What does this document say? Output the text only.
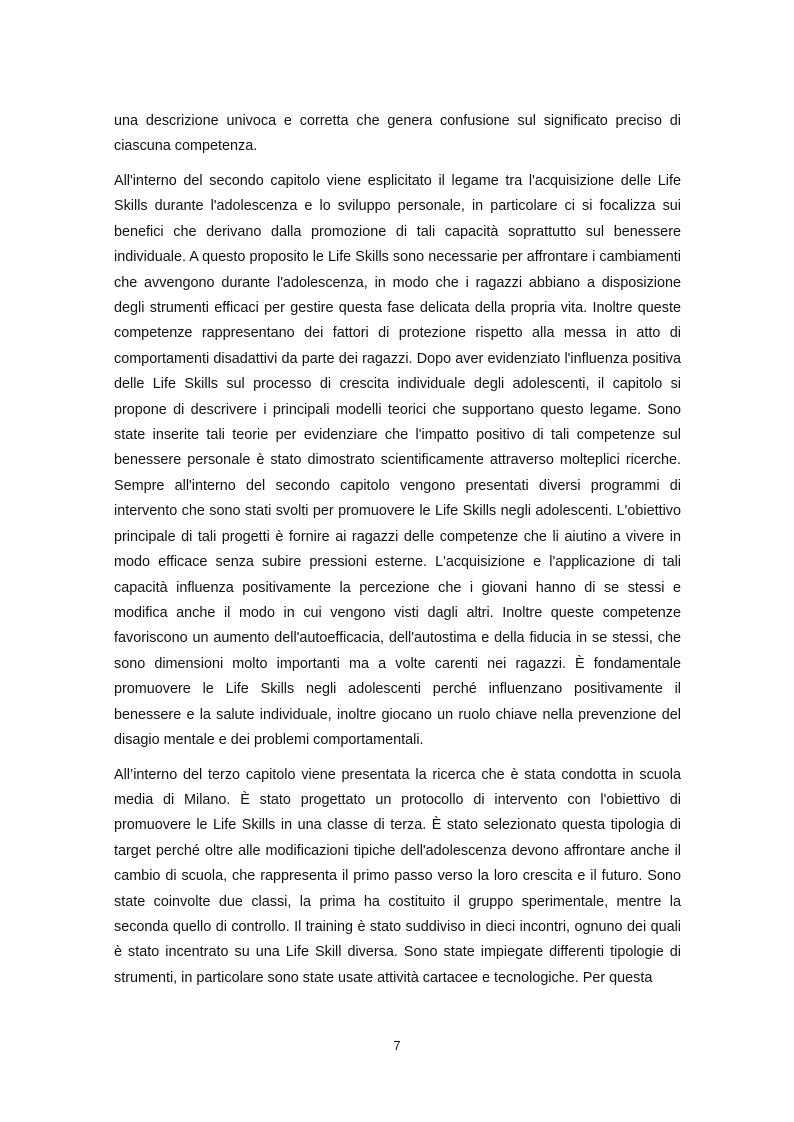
una descrizione univoca e corretta che genera confusione sul significato preciso di ciascuna competenza.

All'interno del secondo capitolo viene esplicitato il legame tra l'acquisizione delle Life Skills durante l'adolescenza e lo sviluppo personale, in particolare ci si focalizza sui benefici che derivano dalla promozione di tali capacità soprattutto sul benessere individuale. A questo proposito le Life Skills sono necessarie per affrontare i cambiamenti che avvengono durante l'adolescenza, in modo che i ragazzi abbiano a disposizione degli strumenti efficaci per gestire questa fase delicata della propria vita. Inoltre queste competenze rappresentano dei fattori di protezione rispetto alla messa in atto di comportamenti disadattivi da parte dei ragazzi. Dopo aver evidenziato l'influenza positiva delle Life Skills sul processo di crescita individuale degli adolescenti, il capitolo si propone di descrivere i principali modelli teorici che supportano questo legame. Sono state inserite tali teorie per evidenziare che l'impatto positivo di tali competenze sul benessere personale è stato dimostrato scientificamente attraverso molteplici ricerche. Sempre all'interno del secondo capitolo vengono presentati diversi programmi di intervento che sono stati svolti per promuovere le Life Skills negli adolescenti. L'obiettivo principale di tali progetti è fornire ai ragazzi delle competenze che li aiutino a vivere in modo efficace senza subire pressioni esterne. L'acquisizione e l'applicazione di tali capacità influenza positivamente la percezione che i giovani hanno di se stessi e modifica anche il modo in cui vengono visti dagli altri. Inoltre queste competenze favoriscono un aumento dell'autoefficacia, dell'autostima e della fiducia in se stessi, che sono dimensioni molto importanti ma a volte carenti nei ragazzi. È fondamentale promuovere le Life Skills negli adolescenti perché influenzano positivamente il benessere e la salute individuale, inoltre giocano un ruolo chiave nella prevenzione del disagio mentale e dei problemi comportamentali.

All’interno del terzo capitolo viene presentata la ricerca che è stata condotta in scuola media di Milano. È stato progettato un protocollo di intervento con l'obiettivo di promuovere le Life Skills in una classe di terza. È stato selezionato questa tipologia di target perché oltre alle modificazioni tipiche dell'adolescenza devono affrontare anche il cambio di scuola, che rappresenta il primo passo verso la loro crescita e il futuro. Sono state coinvolte due classi, la prima ha costituito il gruppo sperimentale, mentre la seconda quello di controllo. Il training è stato suddiviso in dieci incontri, ognuno dei quali è stato incentrato su una Life Skill diversa. Sono state impiegate differenti tipologie di strumenti, in particolare sono state usate attività cartacee e tecnologiche. Per questa

7
